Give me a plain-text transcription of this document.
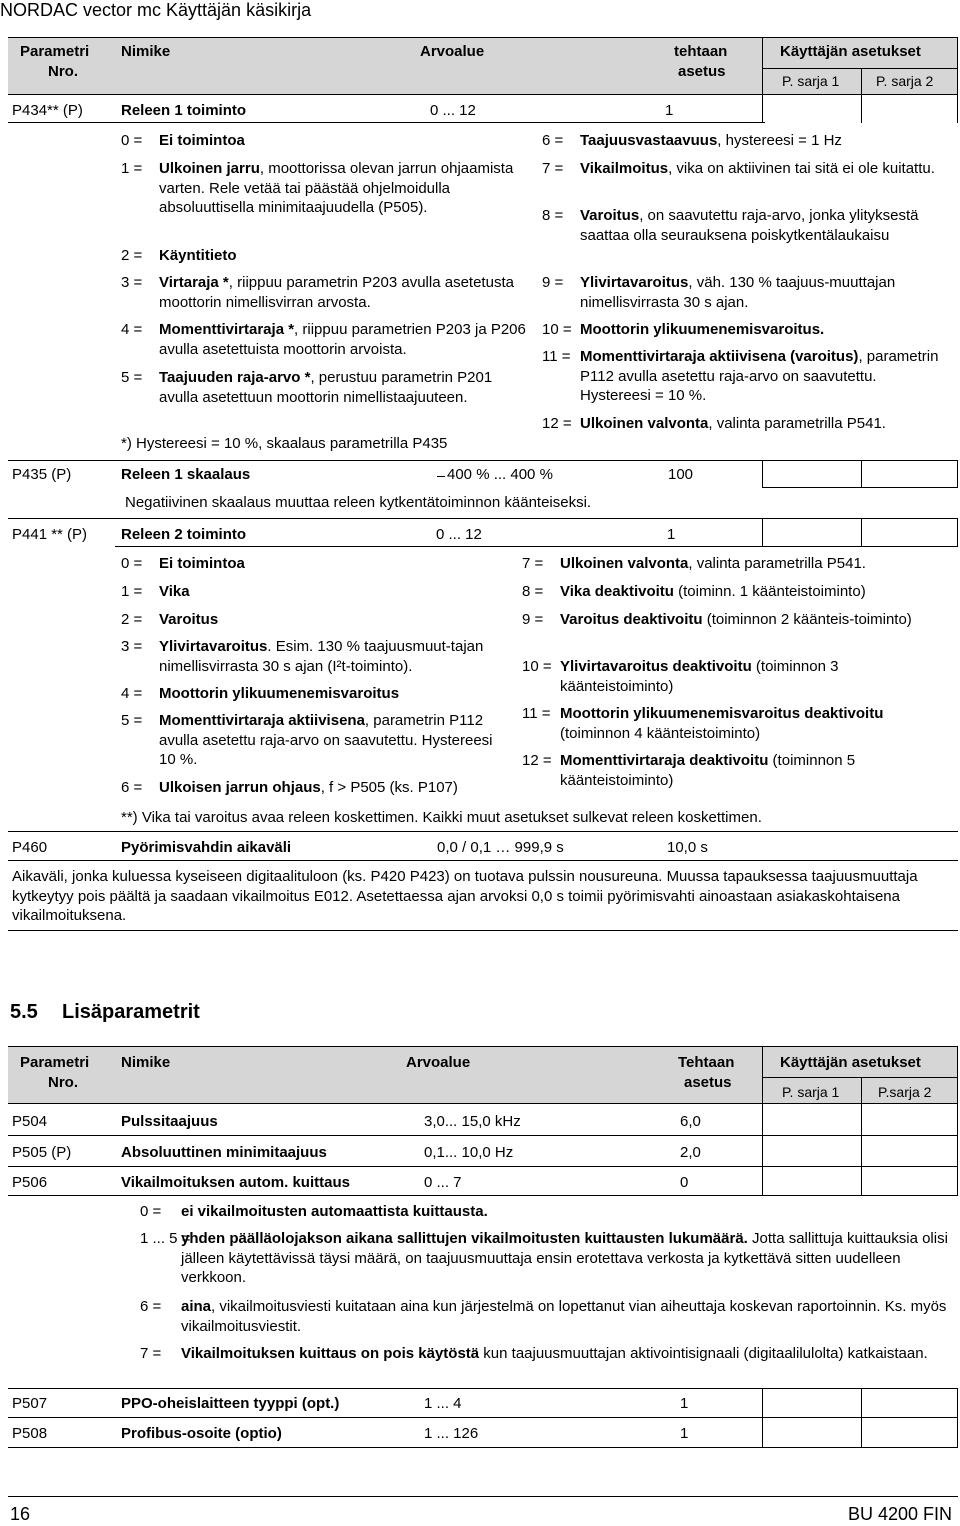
NORDAC vector mc Käyttäjän käsikirja
Parametri
Nro.
Nimike	Arvoalue	tehtaan
asetus
Käyttäjän asetukset
P. sarja 1	P. sarja 2
P434** (P)	Releen 1 toiminto	0 ... 12	1
0 =	Ei toimintoa
1 =	Ulkoinen jarru, moottorissa olevan jarrun ohjaamista varten. Rele vetää tai päästää ohjelmoidulla absoluuttisella minimitaajuudella (P505).
2 =	Käyntitieto
3 =	Virtaraja *, riippuu parametrin P203 avulla asetetusta moottorin nimellisvirran arvosta.
4 =	Momenttivirtaraja *, riippuu parametrien P203 ja P206 avulla asetettuista moottorin arvoista.
5 =	Taajuuden raja-arvo *, perustuu parametrin P201 avulla asetettuun moottorin nimellistaajuuteen.
*) Hystereesi = 10 %, skaalaus parametrilla P435
6 =	Taajuusvastaavuus, hystereesi = 1 Hz
7 =	Vikailmoitus, vika on aktiivinen tai sitä ei ole kuitattu.
8 =	Varoitus, on saavutettu raja-arvo, jonka ylityksestä saattaa olla seurauksena poiskytkentälaukaisu
9 =	Ylivirtavaroitus, väh. 130 % taajuus-muuttajan nimellisvirrasta 30 s ajan.
10 = Moottorin ylikuumenemisvaroitus.
11 = Momenttivirtaraja aktiivisena (varoitus), parametrin P112 avulla asetettu raja-arvo on saavutettu. Hystereesi = 10 %.
12 = Ulkoinen valvonta, valinta parametrilla P541.
P435 (P)	Releen 1 skaalaus	400 % ... 400 %	100
Negatiivinen skaalaus muuttaa releen kytkentätoiminnon käänteiseksi.
P441 ** (P) Releen 2 toiminto	0 ... 12	1
0 =	Ei toimintoa
1 =	Vika
2 =	Varoitus
3 =	Ylivirtavaroitus. Esim. 130 % taajuusmuut-tajan nimellisvirrasta 30 s ajan (I²t-toiminto).
4 =	Moottorin ylikuumenemisvaroitus
5 =	Momenttivirtaraja aktiivisena, parametrin P112 avulla asetettu raja-arvo on saavutettu. Hystereesi 10 %.
6 =	Ulkoisen jarrun ohjaus, f > P505 (ks. P107)
7 =	Ulkoinen valvonta, valinta parametrilla P541.
8 =	Vika deaktivoitu (toiminn. 1 käänteistoiminto)
9 =	Varoitus deaktivoitu (toiminnon 2 käänteis-toiminto)
10 = Ylivirtavaroitus deaktivoitu (toiminnon 3 käänteistoiminto)
11 = Moottorin ylikuumenemisvaroitus deaktivoitu (toiminnon 4 käänteistoiminto)
12 = Momenttivirtaraja deaktivoitu (toiminnon 5 käänteistoiminto)
**) Vika tai varoitus avaa releen koskettimen. Kaikki muut asetukset sulkevat releen koskettimen.
P460	Pyörimisvahdin aikaväli	0,0 / 0,1 … 999,9 s	10,0 s
Aikaväli, jonka kuluessa kyseiseen digitaalituloon (ks. P420 P423) on tuotava pulssin nousureuna. Muussa tapauksessa taajuusmuuttaja kytkeytyy pois päältä ja saadaan vikailmoitus E012. Asetettaessa ajan arvoksi 0,0 s toimii pyörimisvahti ainoastaan asiakaskohtaisena vikailmoituksena.
5.5 Lisäparametrit
Parametri
Nro.
Nimike	Arvoalue	Tehtaan
asetus
Käyttäjän asetukset
P. sarja 1	P.sarja 2
P504	Pulssitaajuus	3,0... 15,0 kHz	6,0
P505 (P)	Absoluuttinen minimitaajuus	0,1... 10,0 Hz	2,0
P506	Vikailmoituksen autom. kuittaus	0 ... 7	0
0 =	ei vikailmoitusten automaattista kuittausta.
1 ... 5 =
yhden päälläolojakson aikana sallittujen vikailmoitusten kuittausten lukumäärä. Jotta sallittuja kuittauksia olisi jälleen käytettävissä täysi määrä, on taajuusmuuttaja ensin erotettava verkosta ja kytkettävä sitten uudelleen verkkoon.
6 =	aina, vikailmoitusviesti kuitataan aina kun järjestelmä on lopettanut vian aiheuttaja koskevan raportoinnin. Ks. myös vikailmoitusviestit.
7 =	Vikailmoituksen kuittaus on pois käytöstä kun taajuusmuuttajan aktivointisignaali (digitaalilulolta) katkaistaan.
P507	PPO-oheislaitteen tyyppi (opt.)	1 ... 4	1
P508	Profibus-osoite (optio)	1 ... 126	1
16	BU 4200 FIN
